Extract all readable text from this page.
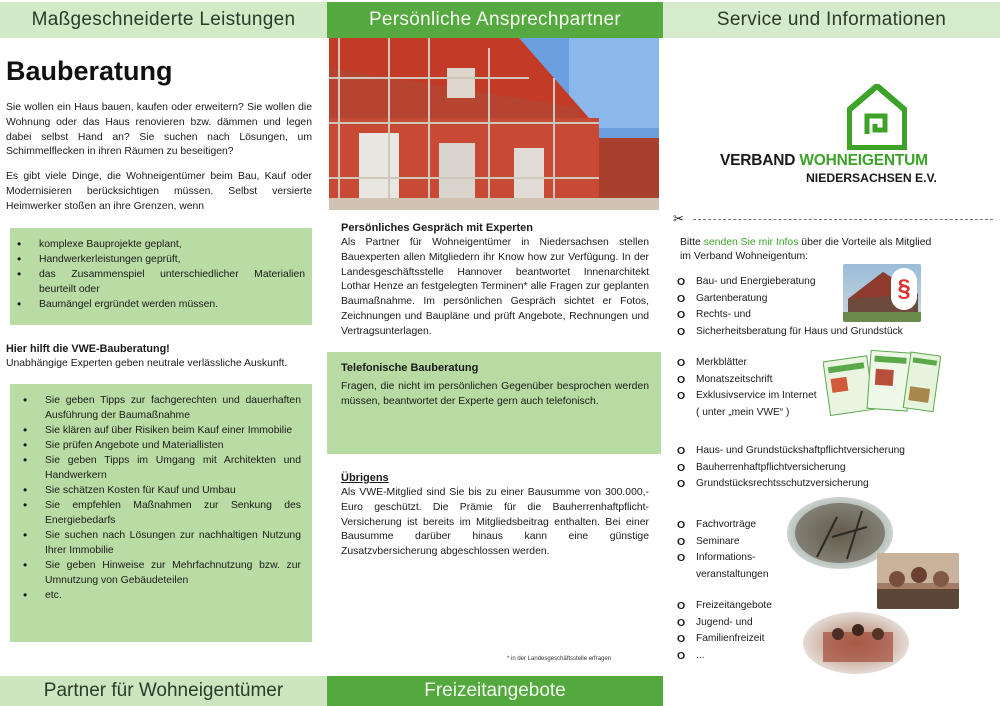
Maßgeschneiderte Leistungen
Bauberatung

Sie wollen ein Haus bauen, kaufen oder erweitern? Sie wollen die Wohnung oder das Haus renovieren bzw. dämmen und legen dabei selbst Hand an? Sie suchen nach Lösungen, um Schimmelflecken in ihren Räumen zu beseitigen?

Es gibt viele Dinge, die Wohneigentümer beim Bau, Kauf oder Modernisieren berücksichtigen müssen. Selbst versierte Heimwerker stoßen an ihre Grenzen, wenn

• komplexe Bauprojekte geplant,
• Handwerkerleistungen geprüft,
• das Zusammenspiel unterschiedlicher Materialien beurteilt oder
• Baumängel ergründet werden müssen.
Hier hilft die VWE-Bauberatung!
Unabhängige Experten geben neutrale verlässliche Auskunft.
• Sie geben Tipps zur fachgerechten und dauerhaften Ausführung der Baumaßnahme
• Sie klären auf über Risiken beim Kauf einer Immobilie
• Sie prüfen Angebote und Materiallisten
• Sie geben Tipps im Umgang mit Architekten und Handwerkern
• Sie schätzen Kosten für Kauf und Umbau
• Sie empfehlen Maßnahmen zur Senkung des Energiebedarfs
• Sie suchen nach Lösungen zur nachhaltigen Nutzung Ihrer Immobilie
• Sie geben Hinweise zur Mehrfachnutzung bzw. zur Umnutzung von Gebäudeteilen
• etc.
Partner für Wohneigentümer
Persönliche Ansprechpartner
Persönliches Gespräch mit Experten

Als Partner für Wohneigentümer in Niedersachsen stellen Bauexperten allen Mitgliedern ihr Know how zur Verfügung. In der Landesgeschäftsstelle Hannover beantwortet Innenarchitekt Lothar Henze an festgelegten Terminen* alle Fragen zur geplanten Baumaßnahme. Im persönlichen Gespräch sichtet er Fotos, Zeichnungen und Baupläne und prüft Angebote, Rechnungen und Vertragsunterlagen.

Telefonische Bauberatung

Fragen, die nicht im persönlichen Gegenüber besprochen werden müssen, beantwortet der Experte gern auch telefonisch.

Übrigens

Als VWE-Mitglied sind Sie bis zu einer Bausumme von 300.000,- Euro geschützt. Die Prämie für die Bauherrenhaftpflicht-Versicherung ist bereits im Mitgliedsbeitrag enthalten. Bei einer Bausumme darüber hinaus kann eine günstige Zusatzvbersicherung abgeschlossen werden.

* in der Landesgeschäftsstelle erfragen
Freizeitangebote
Service und Informationen
VERBAND WOHNEIGENTUM
NIEDERSACHSEN E.V.
✂
Bitte senden Sie mir Infos über die Vorteile als Mitglied im Verband Wohneigentum:
O Bau- und Energieberatung
O Gartenberatung
O Rechts- und
O Sicherheitsberatung für Haus und Grundstück
§
O Merkblätter
O Monatszeitschrift
O Exklusivservice im Internet
( unter „mein VWE“ )
O Haus- und Grundstückshaftpflichtversicherung
O Bauherrenhaftpflichtversicherung
O Grundstücksrechtsschutzversicherung
O Fachvorträge
O Seminare
O Informations-
veranstaltungen
O Freizeitangebote
O Jugend- und
O Familienfreizeit
O ...
